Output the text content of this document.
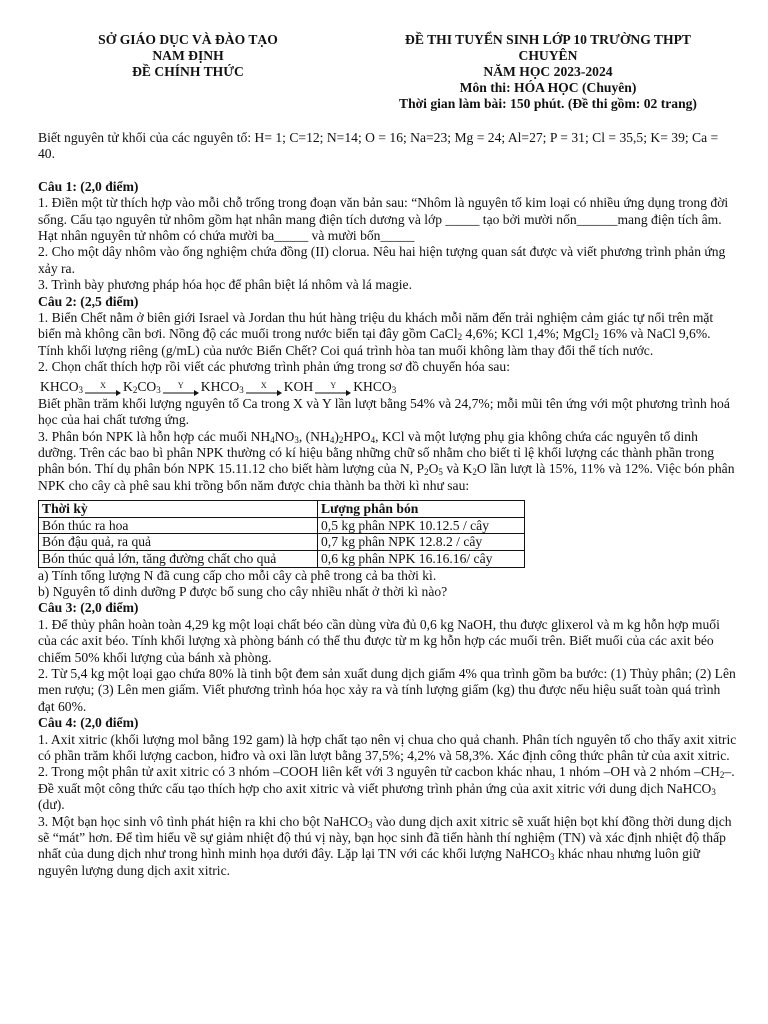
SỞ GIÁO DỤC VÀ ĐÀO TẠO
NAM ĐỊNH
ĐỀ CHÍNH THỨC
ĐỀ THI TUYỂN SINH LỚP 10 TRƯỜNG THPT
CHUYÊN
NĂM HỌC 2023-2024
Môn thi: HÓA HỌC (Chuyên)
Thời gian làm bài: 150 phút. (Đề thi gồm: 02 trang)

Biết nguyên tử khối của các nguyên tố: H= 1; C=12; N=14; O = 16; Na=23; Mg = 24; Al=27; P = 31; Cl = 35,5; K= 39; Ca = 40.

Câu 1: (2,0 điểm)

1. Điền một từ thích hợp vào mỗi chỗ trống trong đoạn văn bản sau: “Nhôm là nguyên tố kim loại có nhiều ứng dụng trong đời sống. Cấu tạo nguyên tử nhôm gồm hạt nhân mang điện tích dương và lớp _____ tạo bởi mười nốn______mang điện tích âm. Hạt nhân nguyên tử nhôm có chứa mười ba_____ và mười bốn_____

2. Cho một dây nhôm vào ống nghiệm chứa đồng (II) clorua. Nêu hai hiện tượng quan sát được và viết phương trình phản ứng xảy ra.

3. Trình bày phương pháp hóa học để phân biệt lá nhôm và lá magie.

Câu 2: (2,5 điểm)

1. Biển Chết nằm ở biên giới Israel và Jordan thu hút hàng triệu du khách mỗi năm đến trải nghiệm cảm giác tự nổi trên mặt biển mà không cần bơi. Nồng độ các muối trong nước biển tại đây gồm CaCl$_2$ 4,6%; KCl 1,4%; MgCl$_2$ 16% và NaCl 9,6%. Tính khối lượng riêng (g/mL) của nước Biển Chết? Coi quá trình hòa tan muối không làm thay đổi thể tích nước.

2. Chọn chất thích hợp rồi viết các phương trình phản ứng trong sơ đồ chuyển hóa sau:

$KHCO_3$
X $K_2CO_3$
Y $KHCO_3$
X KOH Y $KHCO_3$

Biết phần trăm khối lượng nguyên tố Ca trong X và Y lần lượt bằng 54% và 24,7%; mỗi mũi tên ứng với một phương trình hoá học của hai chất tương ứng.

3. Phân bón NPK là hỗn hợp các muối $NH_4NO_3$, $(NH_4)_2HPO_4$, KCl và một lượng phụ gia không chứa các nguyên tố dinh dưỡng. Trên các bao bì phân NPK thường có kí hiệu bằng những chữ số nhằm cho biết tỉ lệ khối lượng các thành phần trong phân bón. Thí dụ phân bón NPK 15.11.12 cho biết hàm lượng của N, $P_2O_5$ và $K_2O$ lần lượt là 15%, 11% và 12%. Việc bón phân NPK cho cây cà phê sau khi trồng bốn năm được chia thành ba thời kì như sau:

Thời kỳ	Lượng phân bón
Bón thúc ra hoa	0,5 kg phân NPK 10.12.5 / cây
Bón đậu quả, ra quả	0,7 kg phân NPK 12.8.2 / cây
Bón thúc quả lớn, tăng đường chất cho quả	0,6 kg phân NPK 16.16.16/ cây

a) Tính tổng lượng N đã cung cấp cho mỗi cây cà phê trong cả ba thời kì.

b) Nguyên tố dinh dưỡng P được bổ sung cho cây nhiều nhất ở thời kì nào?

Câu 3: (2,0 điểm)

1. Để thủy phân hoàn toàn 4,29 kg một loại chất béo cần dùng vừa đủ 0,6 kg NaOH, thu được glixerol và m kg hỗn hợp muối của các axit béo. Tính khối lượng xà phòng bánh có thể thu được từ m kg hỗn hợp các muối trên. Biết muối của các axit béo chiếm 50% khối lượng của bánh xà phòng.

2. Từ 5,4 kg một loại gạo chứa 80% là tinh bột đem sản xuất dung dịch giấm 4% qua trình gồm ba bước: (1) Thủy phân; (2) Lên men rượu; (3) Lên men giấm. Viết phương trình hóa học xảy ra và tính lượng giấm (kg) thu được nếu hiệu suất toàn quá trình đạt 60%.

Câu 4: (2,0 điểm)

1. Axit xitric (khối lượng mol bằng 192 gam) là hợp chất tạo nên vị chua cho quả chanh. Phân tích nguyên tố cho thấy axit xitric có phần trăm khối lượng cacbon, hiđro và oxi lần lượt bằng 37,5%; 4,2% và 58,3%. Xác định công thức phân tử của axit xitric.

2. Trong một phân tử axit xitric có 3 nhóm –COOH liên kết với 3 nguyên tử cacbon khác nhau, 1 nhóm –OH và 2 nhóm $-CH_2-$. Đề xuất một công thức cấu tạo thích hợp cho axit xitric và viết phương trình phản ứng của axit xitric với dung dịch NaHCO$_3$ (dư).

3. Một bạn học sinh vô tình phát hiện ra khi cho bột NaHCO$_3$ vào dung dịch axit xitric sẽ xuất hiện bọt khí đồng thời dung dịch sẽ “mát” hơn. Để tìm hiểu về sự giảm nhiệt độ thú vị này, bạn học sinh đã tiến hành thí nghiệm (TN) và xác định nhiệt độ thấp nhất của dung dịch như trong hình minh họa dưới đây. Lặp lại TN với các khối lượng NaHCO$_3$ khác nhau nhưng luôn giữ nguyên lượng dung dịch axit xitric.
